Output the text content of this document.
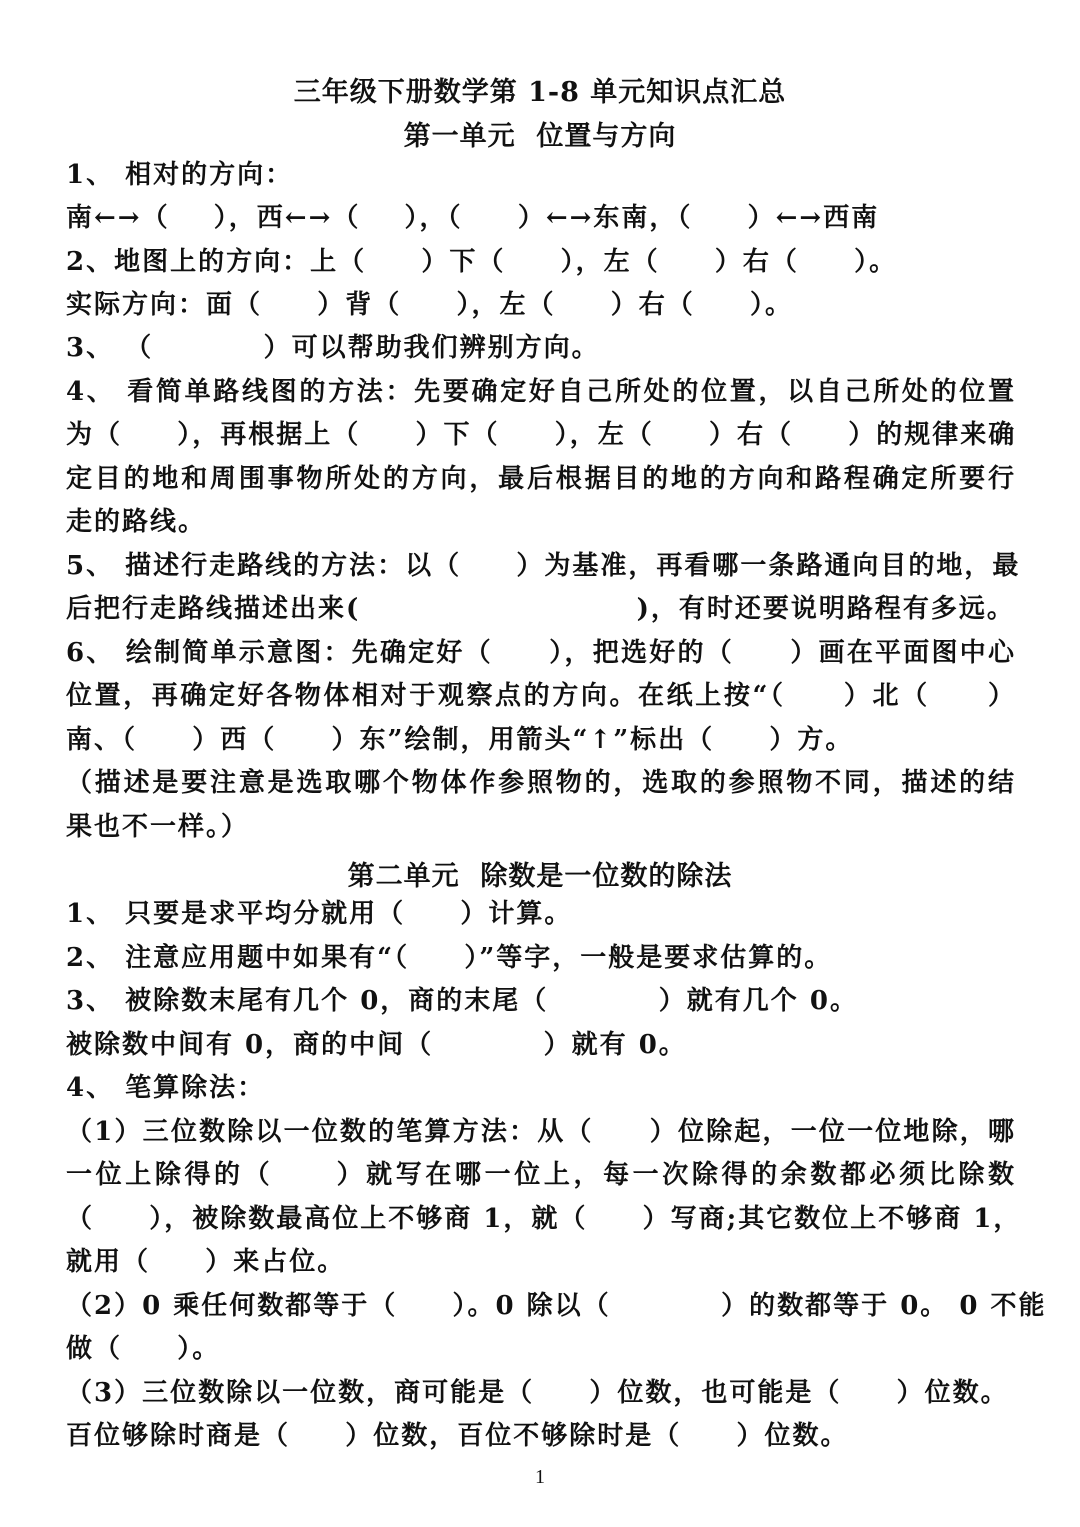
三年级下册数学第 1-8 单元知识点汇总
第一单元  位置与方向
1、 相对的方向：
南←→（    ），西←→（    ），（     ）←→东南，（     ）←→西南
2、地图上的方向：上（     ）下（     ），左（     ）右（     ）。
实际方向：面（     ）背（     ），左（     ）右（     ）。
3、 （          ）可以帮助我们辨别方向。
4、 看简单路线图的方法：先要确定好自己所处的位置，以自己所处的位置
为（     ），再根据上（     ）下（     ），左（     ）右（     ）的规律来确
定目的地和周围事物所处的方向，最后根据目的地的方向和路程确定所要行
走的路线。
5、 描述行走路线的方法：以（     ）为基准，再看哪一条路通向目的地，最
后把行走路线描述出来(                         )，有时还要说明路程有多远。
6、 绘制简单示意图：先确定好（     ），把选好的（     ）画在平面图中心
位置，再确定好各物体相对于观察点的方向。在纸上按“（     ）北（     ）
南、（     ）西（     ）东”绘制，用箭头“↑”标出（     ）方。
（描述是要注意是选取哪个物体作参照物的，选取的参照物不同，描述的结
果也不一样。）
第二单元  除数是一位数的除法
1、 只要是求平均分就用（     ）计算。
2、 注意应用题中如果有“（     ）”等字，一般是要求估算的。
3、 被除数末尾有几个 0，商的末尾（          ）就有几个 0。
被除数中间有 0，商的中间（          ）就有 0。
4、 笔算除法：
（1）三位数除以一位数的笔算方法：从（     ）位除起，一位一位地除，哪
一位上除得的（     ）就写在哪一位上，每一次除得的余数都必须比除数
（     ），被除数最高位上不够商 1，就（     ）写商;其它数位上不够商 1，
就用（     ）来占位。
（2）0 乘任何数都等于（     ）。0 除以（          ）的数都等于 0。 0 不能
做（     ）。
（3）三位数除以一位数，商可能是（     ）位数，也可能是（     ）位数。
百位够除时商是（     ）位数，百位不够除时是（     ）位数。
1
